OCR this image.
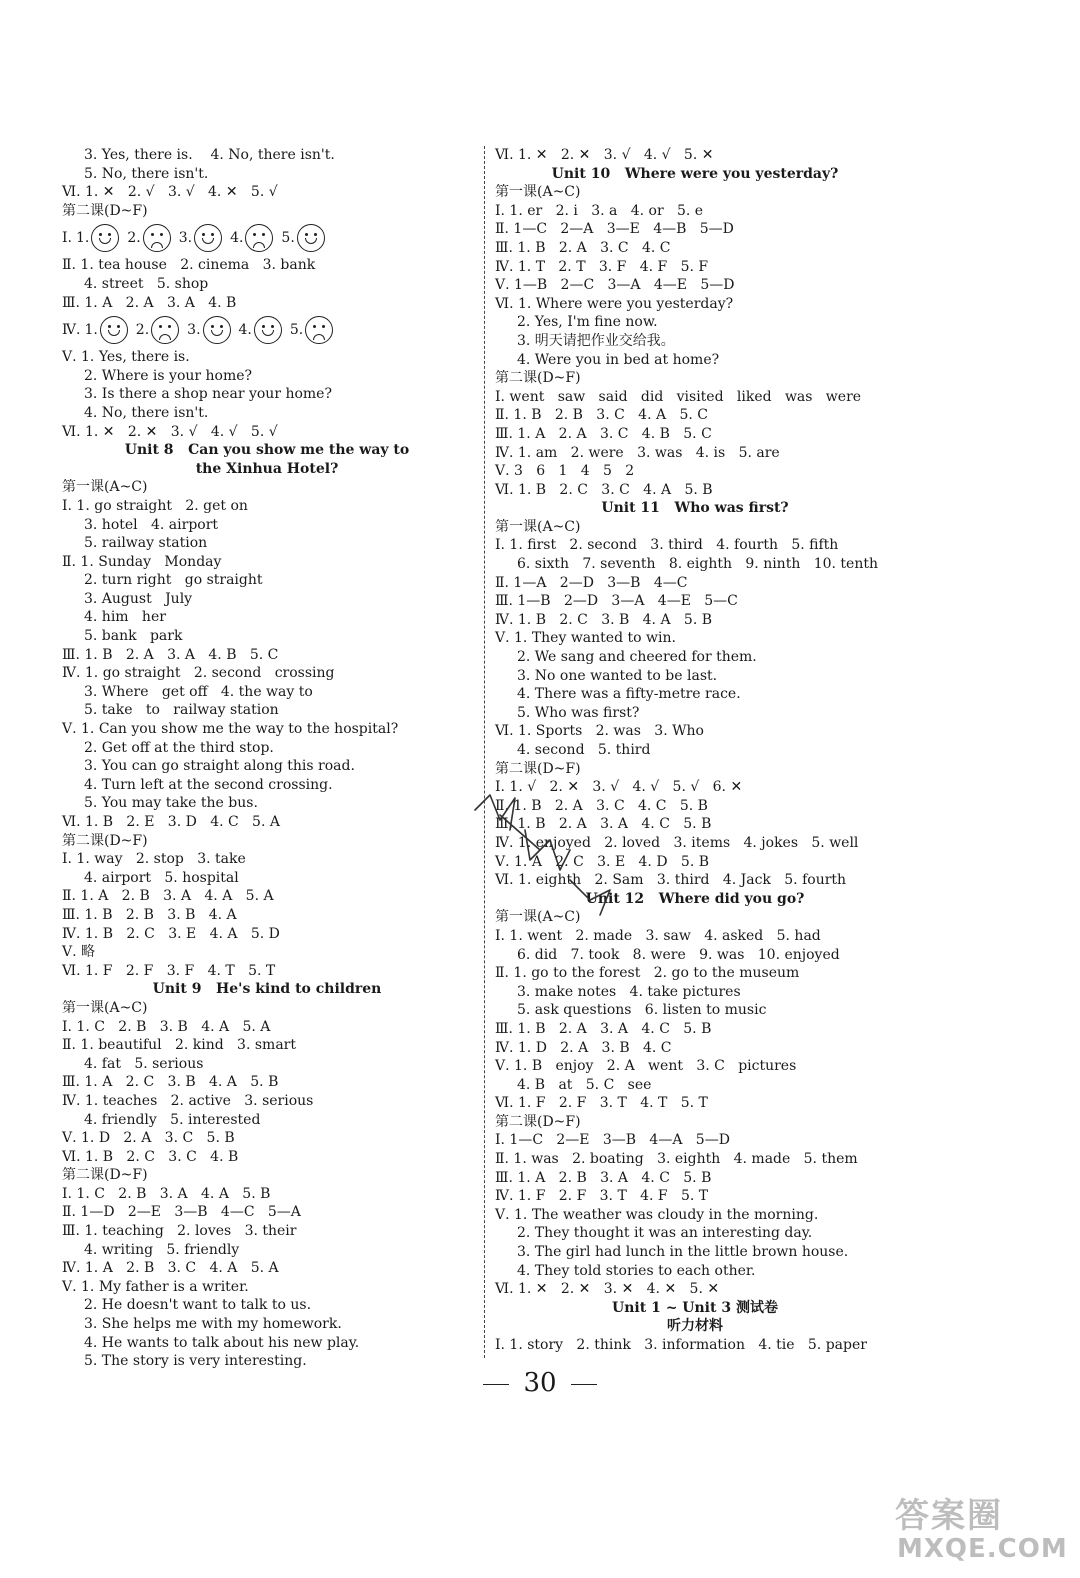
3. Yes, there is.    4. No, there isn't.
5. No, there isn't.
Ⅵ. 1. ✕   2. √   3. √   4. ✕   5. √
第二课(D~F)
Ⅰ. 1.	2.	3.	4.	5.
Ⅱ. 1. tea house   2. cinema   3. bank
4. street   5. shop
Ⅲ. 1. A   2. A   3. A   4. B
Ⅳ. 1.	2.	3.	4.	5.
Ⅴ. 1. Yes, there is.
2. Where is your home?
3. Is there a shop near your home?
4. No, there isn't.
Ⅵ. 1. ✕   2. ✕   3. √   4. √   5. √
Unit 8   Can you show me the way to
the Xinhua Hotel?
第一课(A~C)
Ⅰ. 1. go straight   2. get on
3. hotel   4. airport
5. railway station
Ⅱ. 1. Sunday   Monday
2. turn right   go straight
3. August   July
4. him   her
5. bank   park
Ⅲ. 1. B   2. A   3. A   4. B   5. C
Ⅳ. 1. go straight   2. second   crossing
3. Where   get off   4. the way to
5. take   to   railway station
Ⅴ. 1. Can you show me the way to the hospital?
2. Get off at the third stop.
3. You can go straight along this road.
4. Turn left at the second crossing.
5. You may take the bus.
Ⅵ. 1. B   2. E   3. D   4. C   5. A
第二课(D~F)
Ⅰ. 1. way   2. stop   3. take
4. airport   5. hospital
Ⅱ. 1. A   2. B   3. A   4. A   5. A
Ⅲ. 1. B   2. B   3. B   4. A
Ⅳ. 1. B   2. C   3. E   4. A   5. D
Ⅴ. 略
Ⅵ. 1. F   2. F   3. F   4. T   5. T
Unit 9   He's kind to children
第一课(A~C)
Ⅰ. 1. C   2. B   3. B   4. A   5. A
Ⅱ. 1. beautiful   2. kind   3. smart
4. fat   5. serious
Ⅲ. 1. A   2. C   3. B   4. A   5. B
Ⅳ. 1. teaches   2. active   3. serious
4. friendly   5. interested
Ⅴ. 1. D   2. A   3. C   5. B
Ⅵ. 1. B   2. C   3. C   4. B
第二课(D~F)
Ⅰ. 1. C   2. B   3. A   4. A   5. B
Ⅱ. 1—D   2—E   3—B   4—C   5—A
Ⅲ. 1. teaching   2. loves   3. their
4. writing   5. friendly
Ⅳ. 1. A   2. B   3. C   4. A   5. A
Ⅴ. 1. My father is a writer.
2. He doesn't want to talk to us.
3. She helps me with my homework.
4. He wants to talk about his new play.
5. The story is very interesting.
Ⅵ. 1. ✕   2. ✕   3. √   4. √   5. ✕
Unit 10   Where were you yesterday?
第一课(A~C)
Ⅰ. 1. er   2. i   3. a   4. or   5. e
Ⅱ. 1—C   2—A   3—E   4—B   5—D
Ⅲ. 1. B   2. A   3. C   4. C
Ⅳ. 1. T   2. T   3. F   4. F   5. F
Ⅴ. 1—B   2—C   3—A   4—E   5—D
Ⅵ. 1. Where were you yesterday?
2. Yes, I'm fine now.
3. 明天请把作业交给我。
4. Were you in bed at home?
第二课(D~F)
Ⅰ. went   saw   said   did   visited   liked   was   were
Ⅱ. 1. B   2. B   3. C   4. A   5. C
Ⅲ. 1. A   2. A   3. C   4. B   5. C
Ⅳ. 1. am   2. were   3. was   4. is   5. are
Ⅴ. 3   6   1   4   5   2
Ⅵ. 1. B   2. C   3. C   4. A   5. B
Unit 11   Who was first?
第一课(A~C)
Ⅰ. 1. first   2. second   3. third   4. fourth   5. fifth
6. sixth   7. seventh   8. eighth   9. ninth   10. tenth
Ⅱ. 1—A   2—D   3—B   4—C
Ⅲ. 1—B   2—D   3—A   4—E   5—C
Ⅳ. 1. B   2. C   3. B   4. A   5. B
Ⅴ. 1. They wanted to win.
2. We sang and cheered for them.
3. No one wanted to be last.
4. There was a fifty-metre race.
5. Who was first?
Ⅵ. 1. Sports   2. was   3. Who
4. second   5. third
第二课(D~F)
Ⅰ. 1. √   2. ✕   3. √   4. √   5. √   6. ✕
Ⅱ. 1. B   2. A   3. C   4. C   5. B
Ⅲ. 1. B   2. A   3. A   4. C   5. B
Ⅳ. 1. enjoyed   2. loved   3. items   4. jokes   5. well
Ⅴ. 1. A   2. C   3. E   4. D   5. B
Ⅵ. 1. eighth   2. Sam   3. third   4. Jack   5. fourth
Unit 12   Where did you go?
第一课(A~C)
Ⅰ. 1. went   2. made   3. saw   4. asked   5. had
6. did   7. took   8. were   9. was   10. enjoyed
Ⅱ. 1. go to the forest   2. go to the museum
3. make notes   4. take pictures
5. ask questions   6. listen to music
Ⅲ. 1. B   2. A   3. A   4. C   5. B
Ⅳ. 1. D   2. A   3. B   4. C
Ⅴ. 1. B   enjoy   2. A   went   3. C   pictures
4. B   at   5. C   see
Ⅵ. 1. F   2. F   3. T   4. T   5. T
第二课(D~F)
Ⅰ. 1—C   2—E   3—B   4—A   5—D
Ⅱ. 1. was   2. boating   3. eighth   4. made   5. them
Ⅲ. 1. A   2. B   3. A   4. C   5. B
Ⅳ. 1. F   2. F   3. T   4. F   5. T
Ⅴ. 1. The weather was cloudy in the morning.
2. They thought it was an interesting day.
3. The girl had lunch in the little brown house.
4. They told stories to each other.
Ⅵ. 1. ✕   2. ✕   3. ✕   4. ✕   5. ✕
Unit 1 ~ Unit 3 测试卷
听力材料
Ⅰ. 1. story   2. think   3. information   4. tie   5. paper
30
答案圈
MXQE.COM
